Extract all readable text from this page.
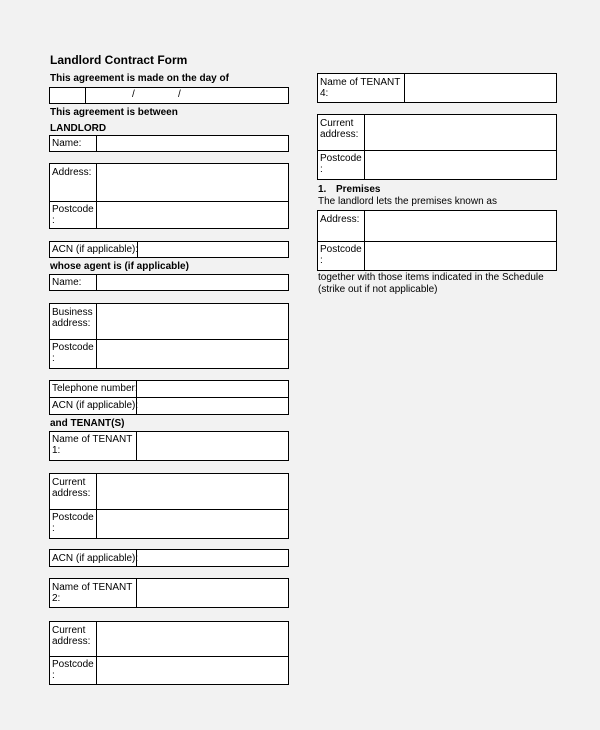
Landlord Contract Form
This agreement is made on the day of
/	/
This agreement is between
LANDLORD
Name:
Address:
Postcode :
ACN (if applicable):
whose agent is (if applicable)
Name:
Business address:
Postcode :
Telephone number:
ACN (if applicable):
and TENANT(S)
Name of TENANT 1:
Current address:
Postcode :
ACN (if applicable):
Name of TENANT 2:
Current address:
Postcode :
Name of TENANT 4:
Current address:
Postcode :
1. Premises
The landlord lets the premises known as
Address:
Postcode :
together with those items indicated in the Schedule
(strike out if not applicable)
